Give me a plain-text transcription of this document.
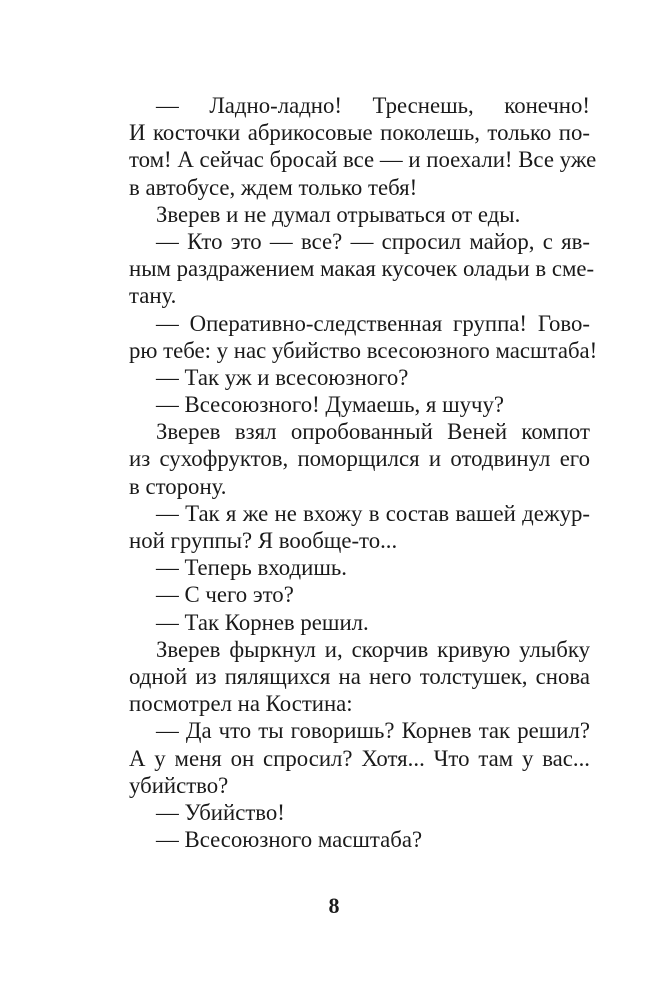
— Ладно-ладно! Треснешь, конечно!
И косточки абрикосовые поколешь, только по-
том! А сейчас бросай все — и поехали! Все уже
в автобусе, ждем только тебя!
Зверев и не думал отрываться от еды.
— Кто это — все? — спросил майор, с яв-
ным раздражением макая кусочек оладьи в сме-
тану.
— Оперативно-следственная группа! Гово-
рю тебе: у нас убийство всесоюзного масштаба!
— Так уж и всесоюзного?
— Всесоюзного! Думаешь, я шучу?
Зверев взял опробованный Веней компот
из сухофруктов, поморщился и отодвинул его
в сторону.
— Так я же не вхожу в состав вашей дежур-
ной группы? Я вообще-то...
— Теперь входишь.
— С чего это?
— Так Корнев решил.
Зверев фыркнул и, скорчив кривую улыбку
одной из пялящихся на него толстушек, снова
посмотрел на Костина:
— Да что ты говоришь? Корнев так решил?
А у меня он спросил? Хотя... Что там у вас...
убийство?
— Убийство!
— Всесоюзного масштаба?
8
